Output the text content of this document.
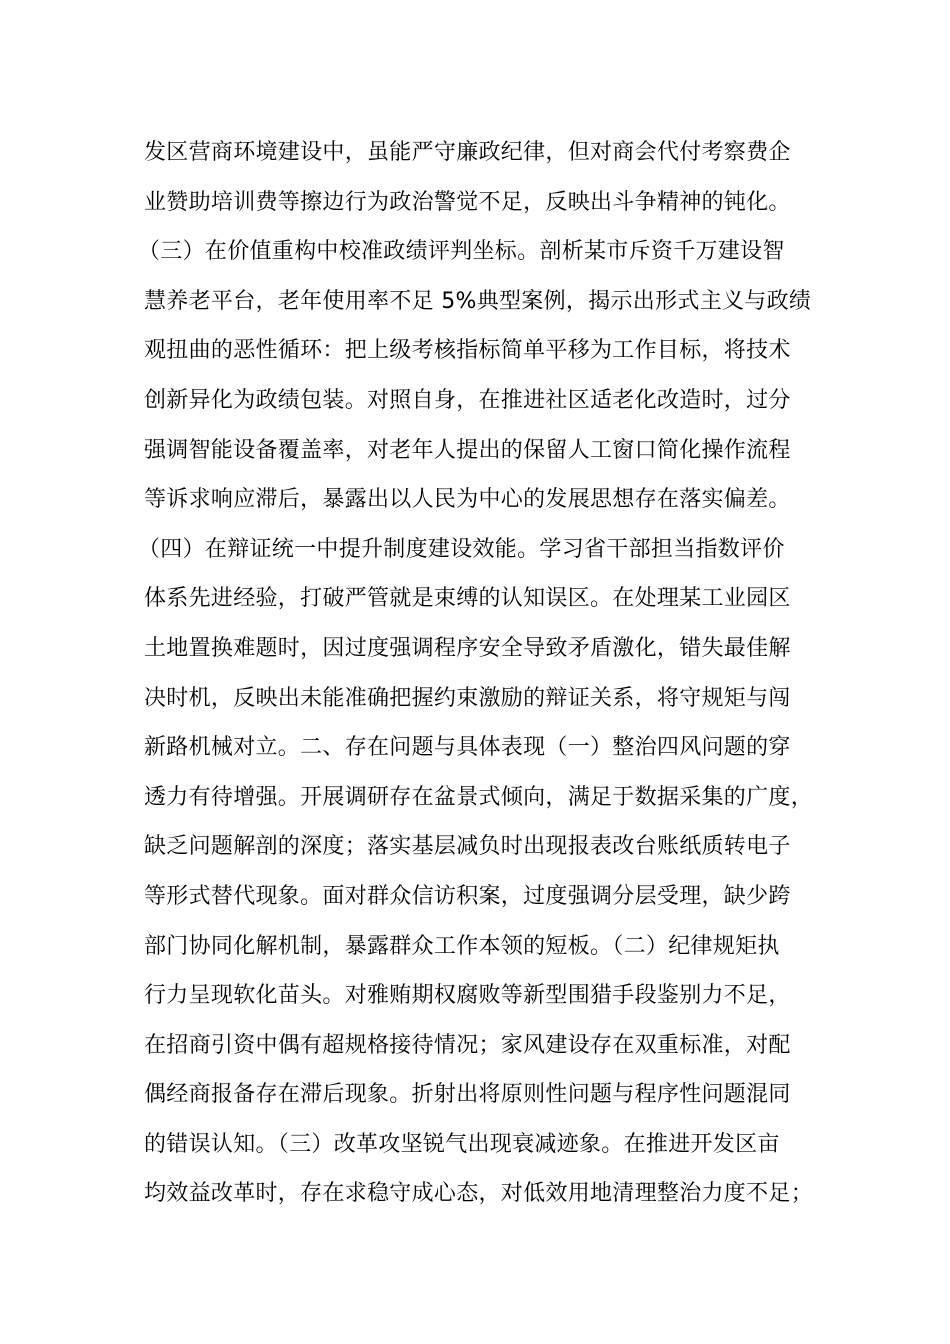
发区营商环境建设中，虽能严守廉政纪律，但对商会代付考察费企
业赞助培训费等擦边行为政治警觉不足，反映出斗争精神的钝化。
（三）在价值重构中校准政绩评判坐标。剖析某市斥资千万建设智
慧养老平台，老年使用率不足 5%典型案例，揭示出形式主义与政绩
观扭曲的恶性循环：把上级考核指标简单平移为工作目标，将技术
创新异化为政绩包装。对照自身，在推进社区适老化改造时，过分
强调智能设备覆盖率，对老年人提出的保留人工窗口简化操作流程
等诉求响应滞后，暴露出以人民为中心的发展思想存在落实偏差。
（四）在辩证统一中提升制度建设效能。学习省干部担当指数评价
体系先进经验，打破严管就是束缚的认知误区。在处理某工业园区
土地置换难题时，因过度强调程序安全导致矛盾激化，错失最佳解
决时机，反映出未能准确把握约束激励的辩证关系，将守规矩与闯
新路机械对立。二、存在问题与具体表现（一）整治四风问题的穿
透力有待增强。开展调研存在盆景式倾向，满足于数据采集的广度，
缺乏问题解剖的深度；落实基层减负时出现报表改台账纸质转电子
等形式替代现象。面对群众信访积案，过度强调分层受理，缺少跨
部门协同化解机制，暴露群众工作本领的短板。（二）纪律规矩执
行力呈现软化苗头。对雅贿期权腐败等新型围猎手段鉴别力不足，
在招商引资中偶有超规格接待情况；家风建设存在双重标准，对配
偶经商报备存在滞后现象。折射出将原则性问题与程序性问题混同
的错误认知。（三）改革攻坚锐气出现衰减迹象。在推进开发区亩
均效益改革时，存在求稳守成心态，对低效用地清理整治力度不足；
